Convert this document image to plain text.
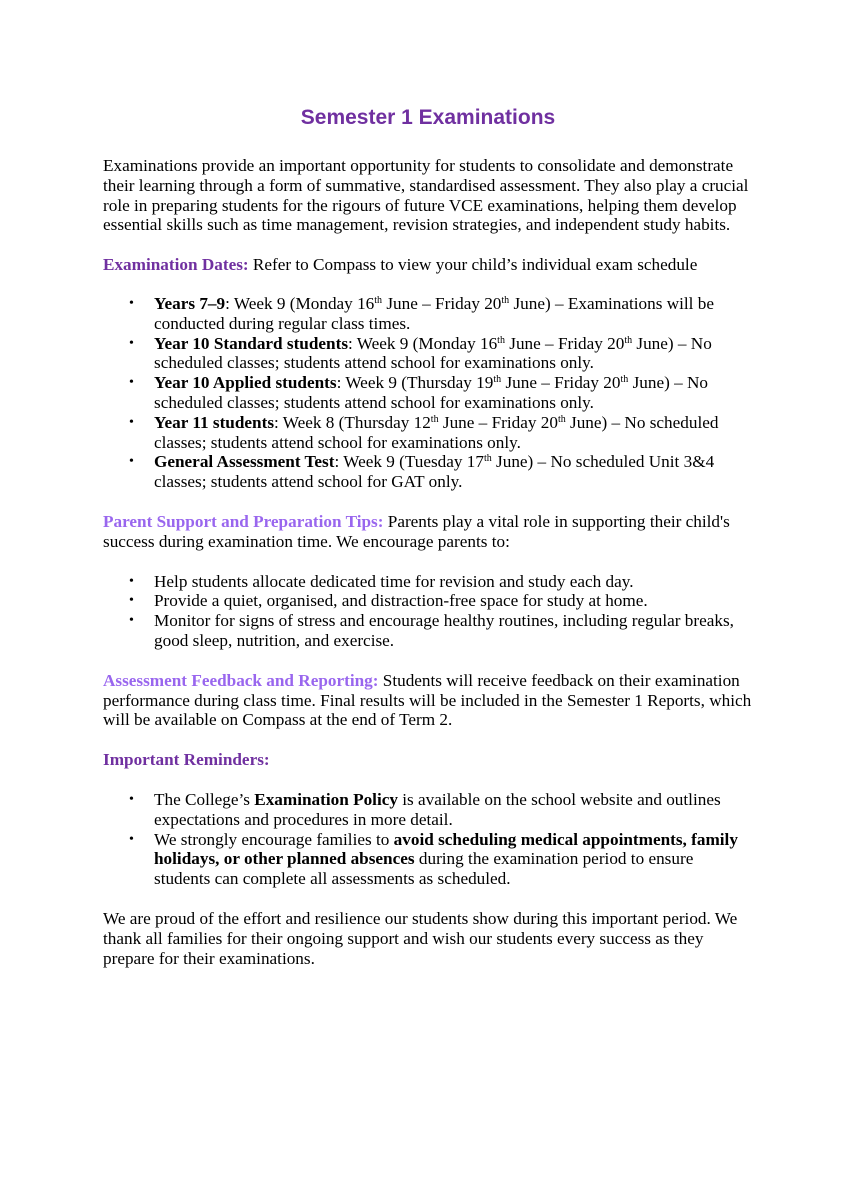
Semester 1 Examinations

Examinations provide an important opportunity for students to consolidate and demonstrate their learning through a form of summative, standardised assessment. They also play a crucial role in preparing students for the rigours of future VCE examinations, helping them develop essential skills such as time management, revision strategies, and independent study habits.

Examination Dates: Refer to Compass to view your child’s individual exam schedule

• Years 7–9: Week 9 (Monday 16th June – Friday 20th June) – Examinations will be conducted during regular class times.
• Year 10 Standard students: Week 9 (Monday 16th June – Friday 20th June) – No scheduled classes; students attend school for examinations only.
• Year 10 Applied students: Week 9 (Thursday 19th June – Friday 20th June) – No scheduled classes; students attend school for examinations only.
• Year 11 students: Week 8 (Thursday 12th June – Friday 20th June) – No scheduled classes; students attend school for examinations only.
• General Assessment Test: Week 9 (Tuesday 17th June) – No scheduled Unit 3&4 classes; students attend school for GAT only.

Parent Support and Preparation Tips: Parents play a vital role in supporting their child's success during examination time. We encourage parents to:

• Help students allocate dedicated time for revision and study each day.
• Provide a quiet, organised, and distraction-free space for study at home.
• Monitor for signs of stress and encourage healthy routines, including regular breaks, good sleep, nutrition, and exercise.

Assessment Feedback and Reporting: Students will receive feedback on their examination performance during class time. Final results will be included in the Semester 1 Reports, which will be available on Compass at the end of Term 2.

Important Reminders:

• The College’s Examination Policy is available on the school website and outlines expectations and procedures in more detail.
• We strongly encourage families to avoid scheduling medical appointments, family holidays, or other planned absences during the examination period to ensure students can complete all assessments as scheduled.

We are proud of the effort and resilience our students show during this important period. We thank all families for their ongoing support and wish our students every success as they prepare for their examinations.
